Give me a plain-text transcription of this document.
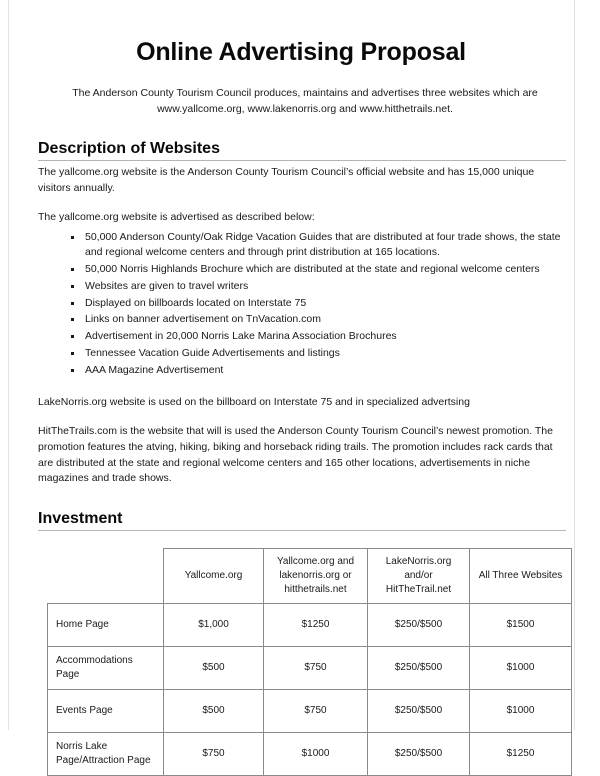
Online Advertising Proposal

The Anderson County Tourism Council produces, maintains and advertises three websites which are www.yallcome.org, www.lakenorris.org and www.hitthetrails.net.

Description of Websites

The yallcome.org website is the Anderson County Tourism Council’s official website and has 15,000 unique visitors annually.

The yallcome.org website is advertised as described below:

50,000 Anderson County/Oak Ridge Vacation Guides that are distributed at four trade shows, the state and regional welcome centers and through print distribution at 165 locations.
50,000 Norris Highlands Brochure which are distributed at the state and regional welcome centers
Websites are given to travel writers
Displayed on billboards located on Interstate 75
Links on banner advertisement on TnVacation.com
Advertisement in 20,000 Norris Lake Marina Association Brochures
Tennessee Vacation Guide Advertisements and listings
AAA Magazine Advertisement

LakeNorris.org website is used on the billboard on Interstate 75 and in specialized advertsing

HitTheTrails.com is the website that will is used the Anderson County Tourism Council’s newest promotion. The promotion features the atving, hiking, biking and horseback riding trails. The promotion includes rack cards that are distributed at the state and regional welcome centers and 165 other locations, advertisements in niche magazines and trade shows.

Investment
	Yallcome.org	Yallcome.org and lakenorris.org or hitthetrails.net	LakeNorris.org and/or HitTheTrail.net	All Three Websites
Home Page	$1,000	$1250	$250/$500	$1500
Accommodations Page	$500	$750	$250/$500	$1000
Events Page	$500	$750	$250/$500	$1000
Norris Lake Page/Attraction Page	$750	$1000	$250/$500	$1250
